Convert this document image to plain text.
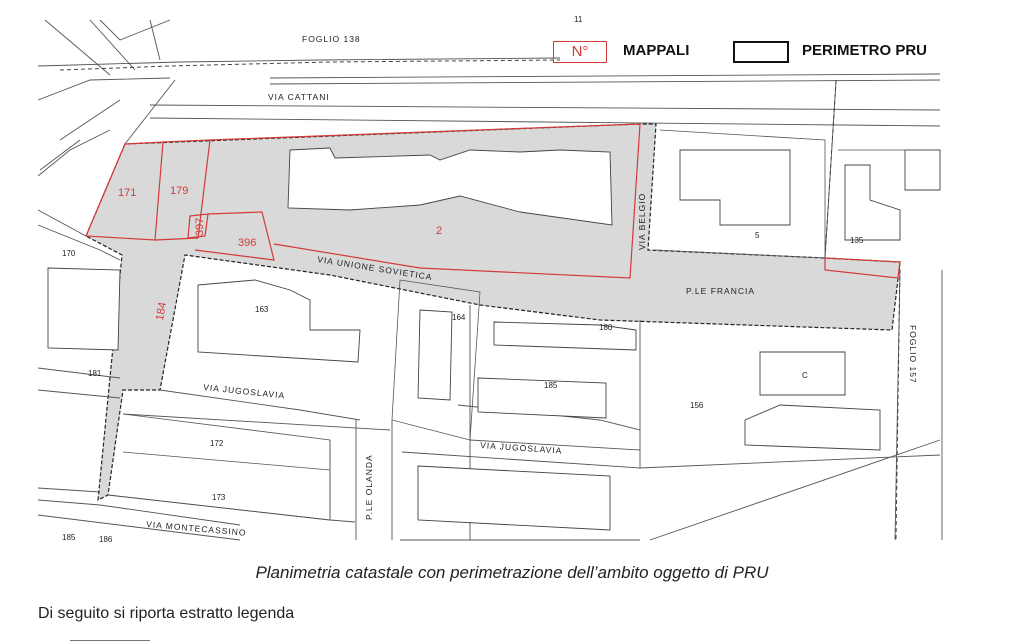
FOGLIO 138
VIA CATTANI
VIA UNIONE SOVIETICA
VIA BELGIO
P.LE FRANCIA
VIA JUGOSLAVIA
VIA JUGOSLAVIA
P.LE OLANDA
VIA MONTECASSINO
FOGLIO 157
11
171	179
397
396
2
184
170
163
164
180
185
181
172
173
156
C
5
135
185	186
N°	MAPPALI	PERIMETRO PRU
Planimetria catastale con perimetrazione dell’ambito oggetto di PRU
Di seguito si riporta estratto legenda
